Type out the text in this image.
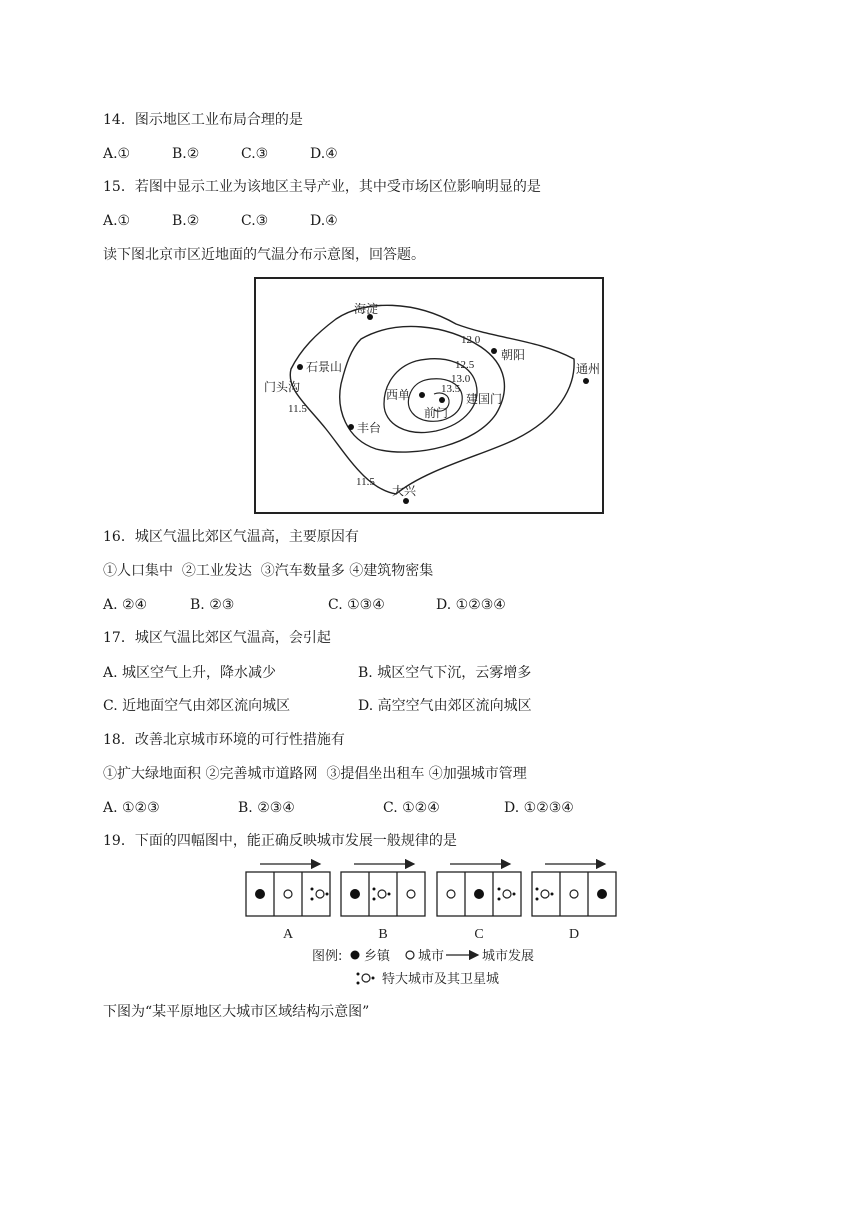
14．图示地区工业布局合理的是
A.①	B.②	C.③	D.④
15．若图中显示工业为该地区主导产业，其中受市场区位影响明显的是
A.①	B.②	C.③	D.④
读下图北京市区近地面的气温分布示意图，回答题。
海淀
朝阳
通州
石景山
门头沟
西单
前门
建国门
丰台
大兴
12.0
12.5
13.0
13.5
11.5
11.5
16．城区气温比郊区气温高，主要原因有
①人口集中  ②工业发达  ③汽车数量多 ④建筑物密集
A. ②④	B. ②③	C. ①③④	D. ①②③④
17．城区气温比郊区气温高，会引起
A. 城区空气上升，降水减少	B. 城区空气下沉，云雾增多
C. 近地面空气由郊区流向城区	D. 高空空气由郊区流向城区
18．改善北京城市环境的可行性措施有
①扩大绿地面积 ②完善城市道路网  ③提倡坐出租车 ④加强城市管理
A. ①②③	B. ②③④	C. ①②④	D. ①②③④
19．下面的四幅图中，能正确反映城市发展一般规律的是
A	B	C	D
图例: 乡镇 城市	城市发展
特大城市及其卫星城
下图为“某平原地区大城市区域结构示意图”
